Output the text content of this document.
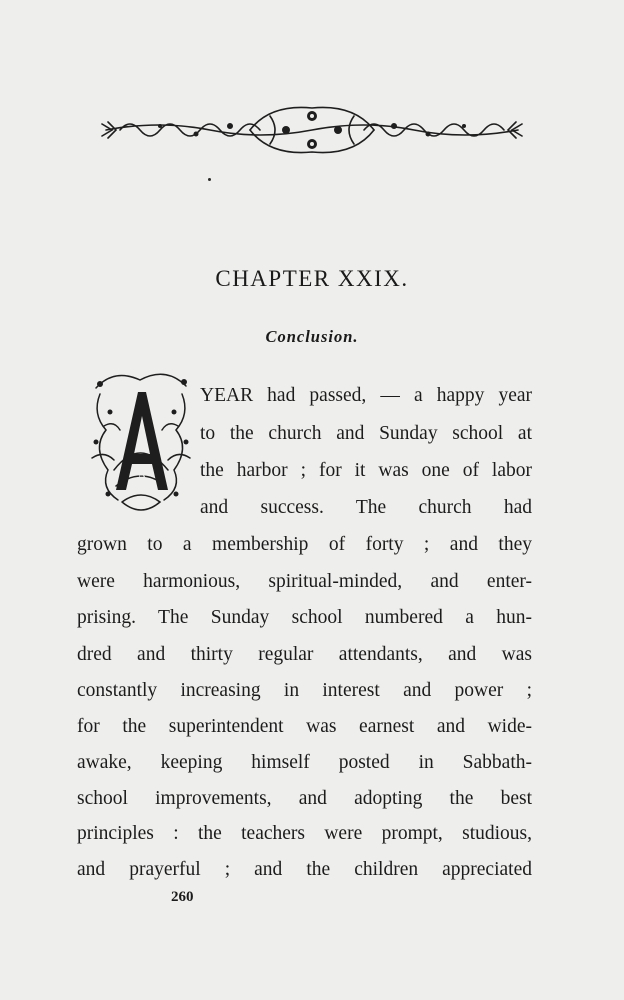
CHAPTER XXIX.
Conclusion.
A

YEAR had passed, — a happy year

to the church and Sunday school at

the harbor ; for it was one of labor

and success. The church had

grown to a membership of forty ; and they

were harmonious, spiritual-minded, and enter-

prising. The Sunday school numbered a hun-

dred and thirty regular attendants, and was

constantly increasing in interest and power ;

for the superintendent was earnest and wide-

awake, keeping himself posted in Sabbath-

school improvements, and adopting the best

principles : the teachers were prompt, studious,

and prayerful ; and the children appreciated

260
